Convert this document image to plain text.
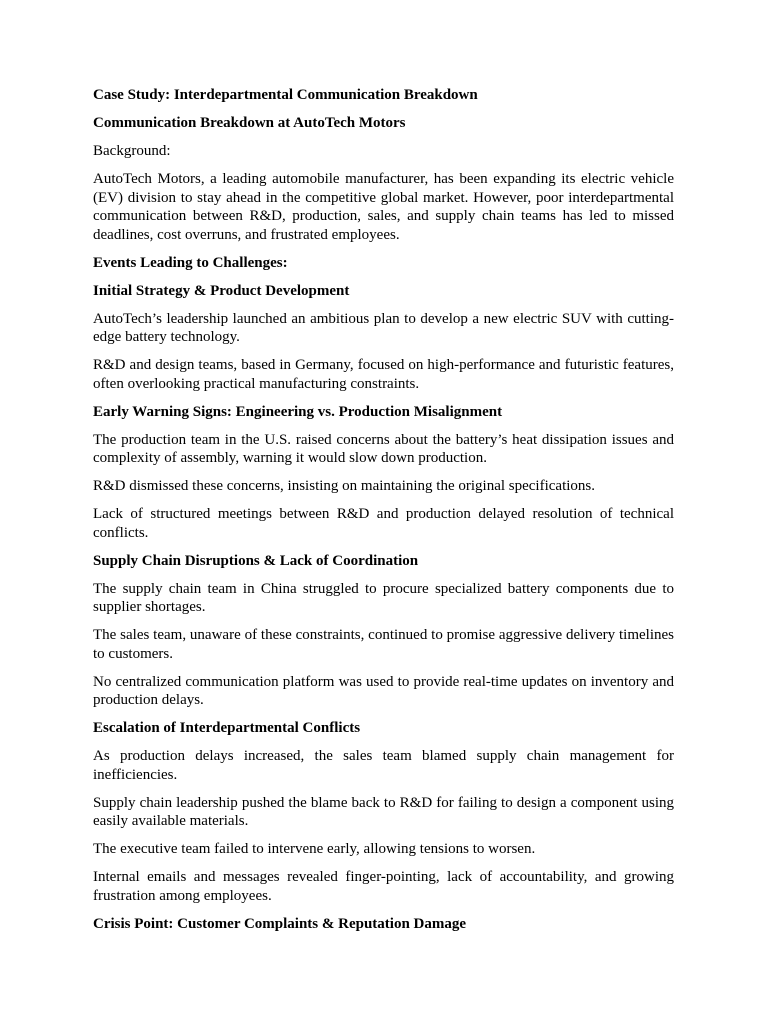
Case Study: Interdepartmental Communication Breakdown

Communication Breakdown at AutoTech Motors

Background:

AutoTech Motors, a leading automobile manufacturer, has been expanding its electric vehicle (EV) division to stay ahead in the competitive global market. However, poor interdepartmental communication between R&D, production, sales, and supply chain teams has led to missed deadlines, cost overruns, and frustrated employees.

Events Leading to Challenges:

Initial Strategy & Product Development

AutoTech’s leadership launched an ambitious plan to develop a new electric SUV with cutting-edge battery technology.

R&D and design teams, based in Germany, focused on high-performance and futuristic features, often overlooking practical manufacturing constraints.

Early Warning Signs: Engineering vs. Production Misalignment

The production team in the U.S. raised concerns about the battery’s heat dissipation issues and complexity of assembly, warning it would slow down production.

R&D dismissed these concerns, insisting on maintaining the original specifications.

Lack of structured meetings between R&D and production delayed resolution of technical conflicts.

Supply Chain Disruptions & Lack of Coordination

The supply chain team in China struggled to procure specialized battery components due to supplier shortages.

The sales team, unaware of these constraints, continued to promise aggressive delivery timelines to customers.

No centralized communication platform was used to provide real-time updates on inventory and production delays.

Escalation of Interdepartmental Conflicts

As production delays increased, the sales team blamed supply chain management for inefficiencies.

Supply chain leadership pushed the blame back to R&D for failing to design a component using easily available materials.

The executive team failed to intervene early, allowing tensions to worsen.

Internal emails and messages revealed finger-pointing, lack of accountability, and growing frustration among employees.

Crisis Point: Customer Complaints & Reputation Damage
